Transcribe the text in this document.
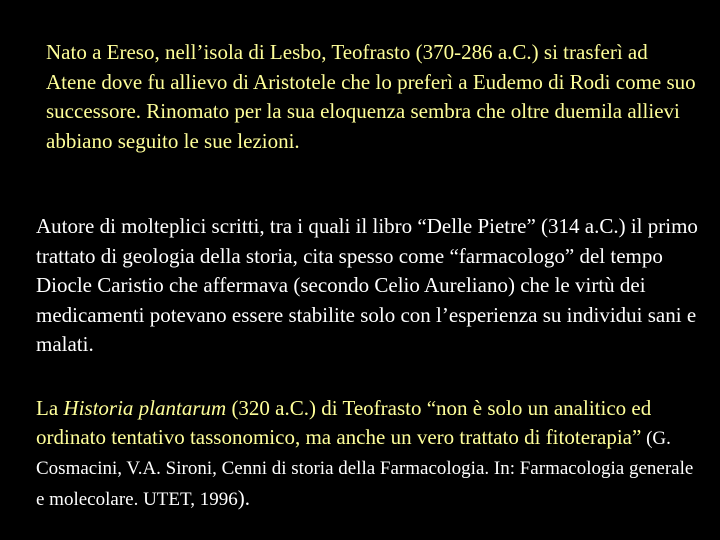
Nato a Ereso, nell’isola di Lesbo, Teofrasto (370-286 a.C.) si trasferì ad Atene dove fu allievo di Aristotele che lo preferì a Eudemo di Rodi come suo successore. Rinomato per la sua eloquenza sembra che oltre duemila allievi abbiano seguito le sue lezioni.

Autore di molteplici scritti, tra i quali il libro “Delle Pietre” (314 a.C.) il primo trattato di geologia della storia, cita spesso come “farmacologo” del tempo Diocle Caristio che affermava (secondo Celio Aureliano) che le virtù dei medicamenti potevano essere stabilite solo con l’esperienza su individui sani e malati.

La Historia plantarum (320 a.C.) di Teofrasto “non è solo un analitico ed ordinato tentativo tassonomico, ma anche un vero trattato di fitoterapia” (G. Cosmacini, V.A. Sironi, Cenni di storia della Farmacologia. In: Farmacologia generale e molecolare. UTET, 1996).
